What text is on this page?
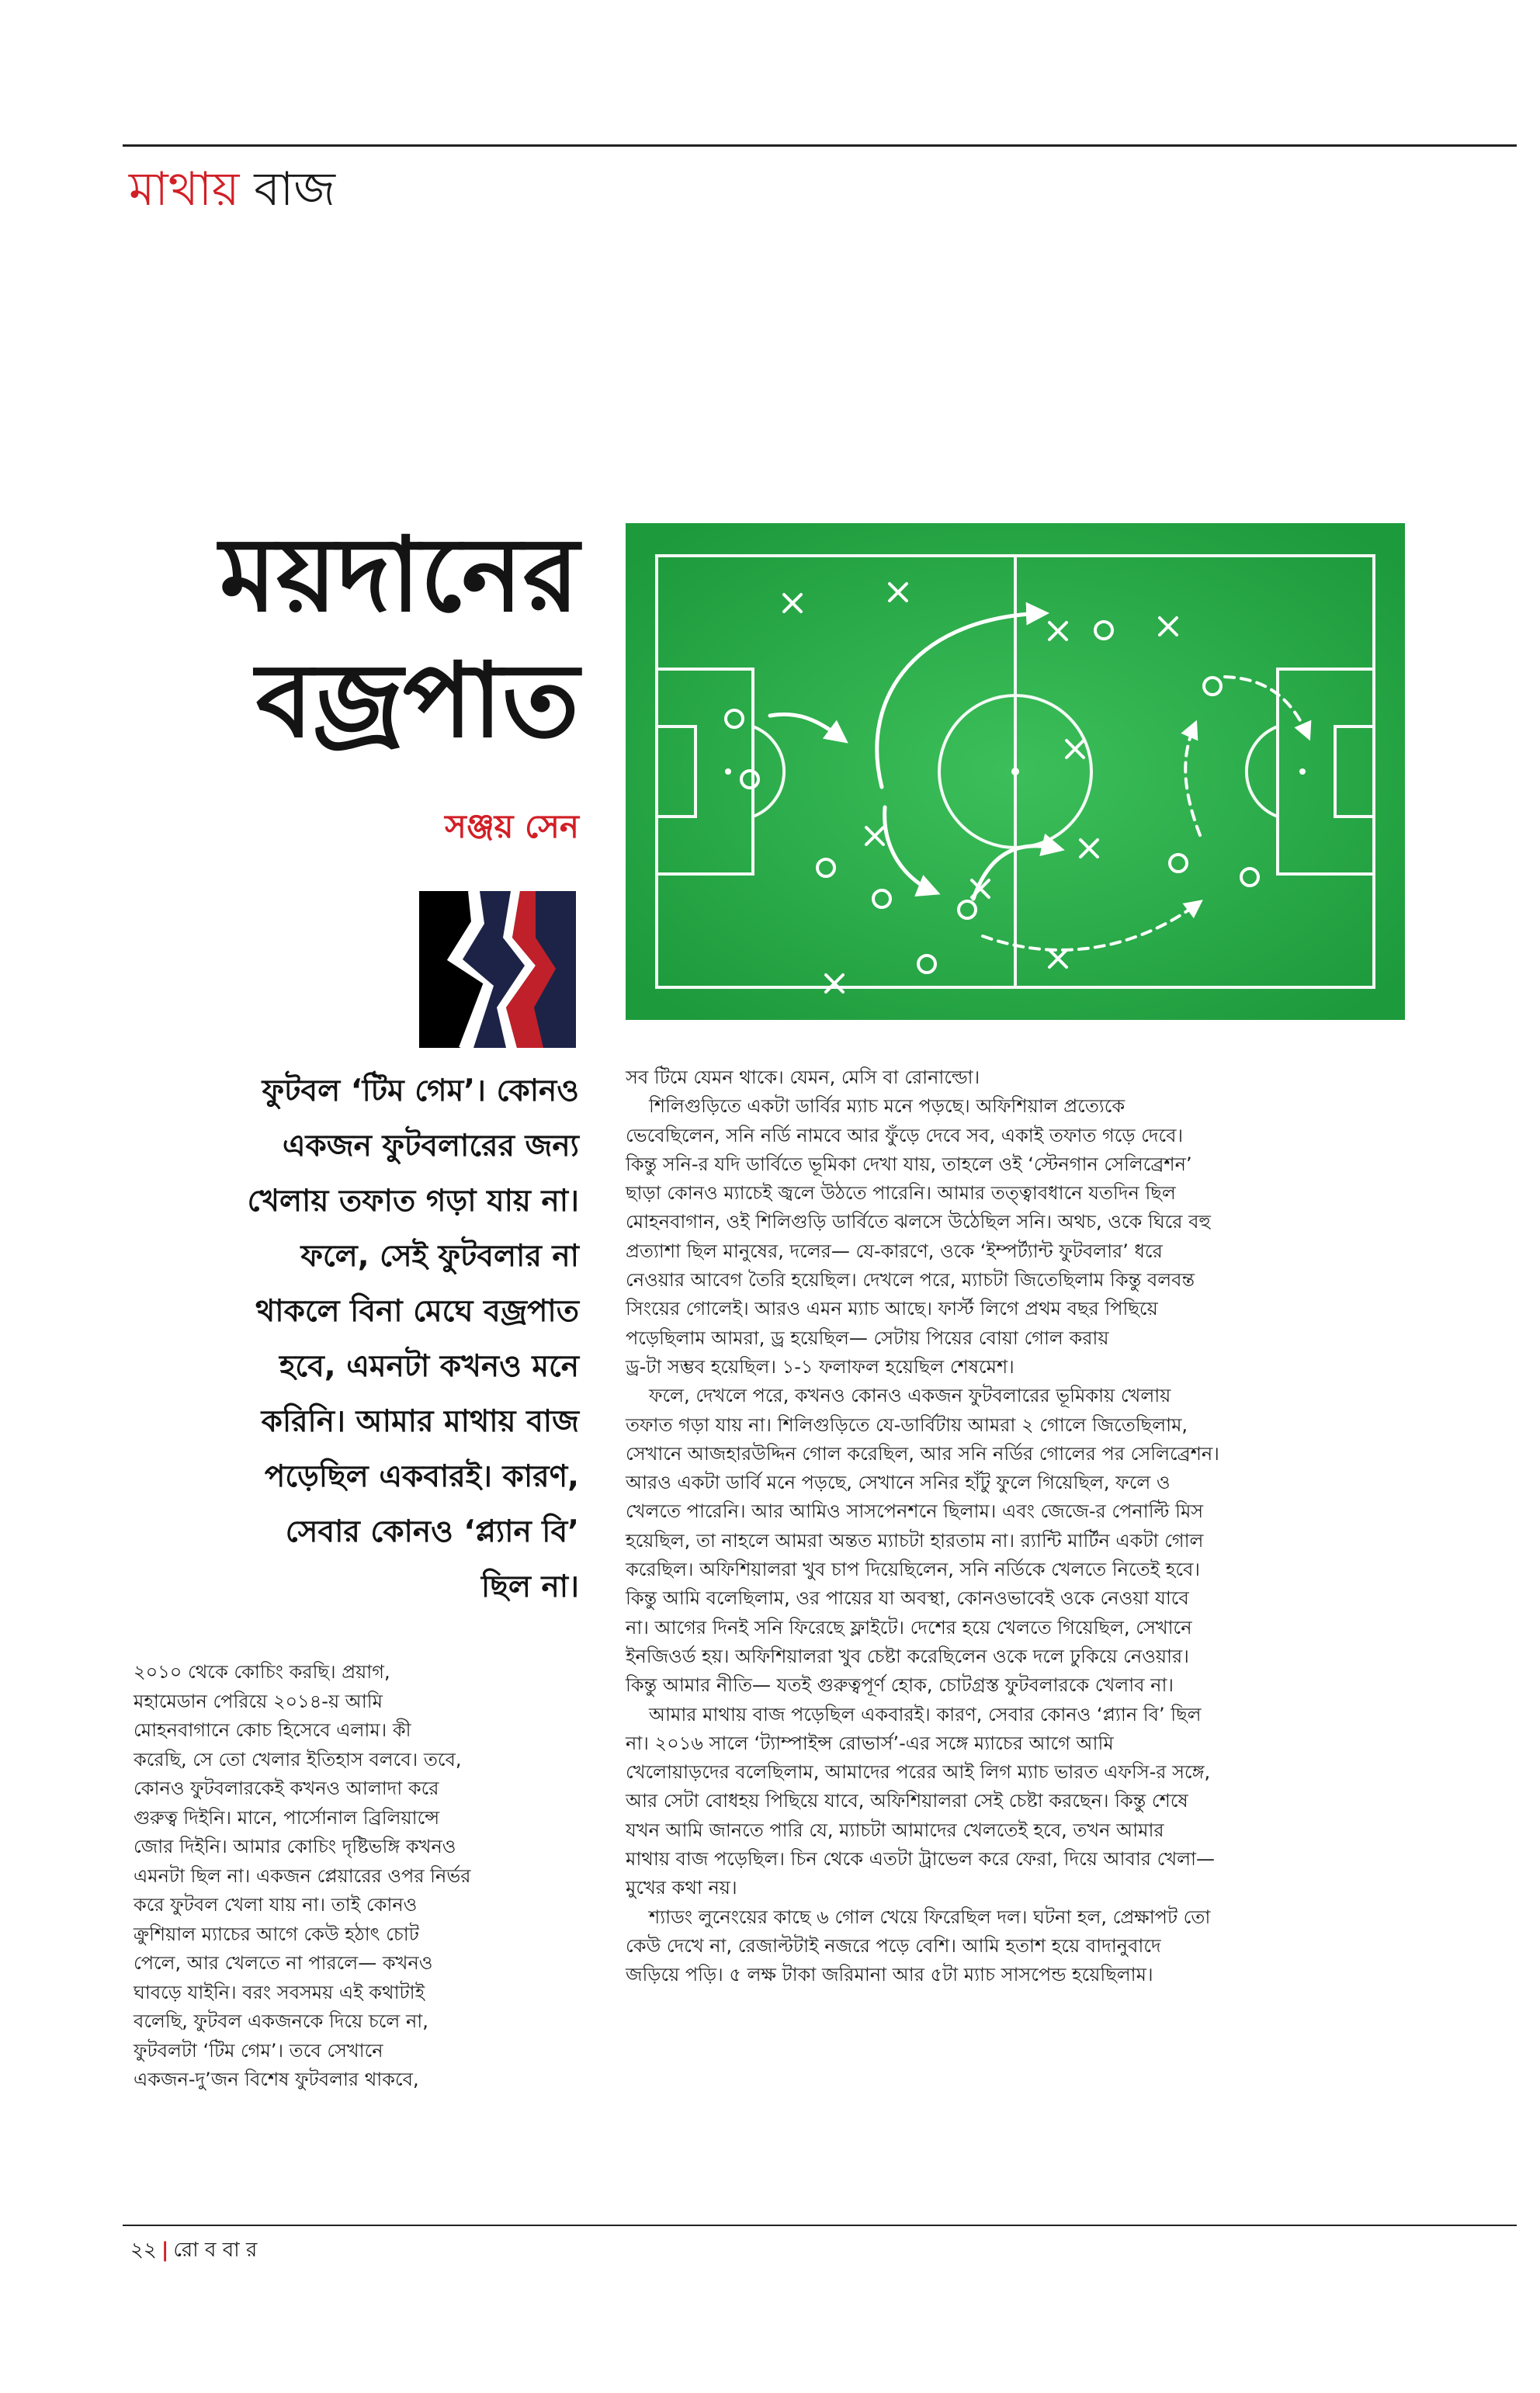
মাথায় বাজ
ময়দানের
বজ্রপাত
সঞ্জয় সেন

ফুটবল ‘টিম গেম’। কোনও

একজন ফুটবলারের জন্য

খেলায় তফাত গড়া যায় না।

ফলে, সেই ফুটবলার না

থাকলে বিনা মেঘে বজ্রপাত

হবে, এমনটা কখনও মনে

করিনি। আমার মাথায় বাজ

পড়েছিল একবারই। কারণ,

সেবার কোনও ‘প্ল্যান বি’

ছিল না।

২০১০ থেকে কোচিং করছি। প্রয়াগ,

মহামেডান পেরিয়ে ২০১৪-য় আমি

মোহনবাগানে কোচ হিসেবে এলাম। কী

করেছি, সে তো খেলার ইতিহাস বলবে। তবে,

কোনও ফুটবলারকেই কখনও আলাদা করে

গুরুত্ব দিইনি। মানে, পার্সোনাল ব্রিলিয়ান্সে

জোর দিইনি। আমার কোচিং দৃষ্টিভঙ্গি কখনও

এমনটা ছিল না। একজন প্লেয়ারের ওপর নির্ভর

করে ফুটবল খেলা যায় না। তাই কোনও

ক্রুশিয়াল ম্যাচের আগে কেউ হঠাৎ চোট

পেলে, আর খেলতে না পারলে— কখনও

ঘাবড়ে যাইনি। বরং সবসময় এই কথাটাই

বলেছি, ফুটবল একজনকে দিয়ে চলে না,

ফুটবলটা ‘টিম গেম’। তবে সেখানে

একজন-দু’জন বিশেষ ফুটবলার থাকবে,

সব টিমে যেমন থাকে। যেমন, মেসি বা রোনাল্ডো।

শিলিগুড়িতে একটা ডার্বির ম্যাচ মনে পড়ছে। অফিশিয়াল প্রত্যেকে

ভেবেছিলেন, সনি নর্ডি নামবে আর ফুঁড়ে দেবে সব, একাই তফাত গড়ে দেবে।

কিন্তু সনি-র যদি ডার্বিতে ভূমিকা দেখা যায়, তাহলে ওই ‘স্টেনগান সেলিব্রেশন’

ছাড়া কোনও ম্যাচেই জ্বলে উঠতে পারেনি। আমার তত্ত্বাবধানে যতদিন ছিল

মোহনবাগান, ওই শিলিগুড়ি ডার্বিতে ঝলসে উঠেছিল সনি। অথচ, ওকে ঘিরে বহু

প্রত্যাশা ছিল মানুষের, দলের— যে-কারণে, ওকে ‘ইম্পর্ট্যান্ট ফুটবলার’ ধরে

নেওয়ার আবেগ তৈরি হয়েছিল। দেখলে পরে, ম্যাচটা জিতেছিলাম কিন্তু বলবন্ত

সিংয়ের গোলেই। আরও এমন ম্যাচ আছে। ফার্স্ট লিগে প্রথম বছর পিছিয়ে

পড়েছিলাম আমরা, ড্র হয়েছিল— সেটায় পিয়ের বোয়া গোল করায়

ড্র-টা সম্ভব হয়েছিল। ১-১ ফলাফল হয়েছিল শেষমেশ।

ফলে, দেখলে পরে, কখনও কোনও একজন ফুটবলারের ভূমিকায় খেলায়

তফাত গড়া যায় না। শিলিগুড়িতে যে-ডার্বিটায় আমরা ২ গোলে জিতেছিলাম,

সেখানে আজহারউদ্দিন গোল করেছিল, আর সনি নর্ডির গোলের পর সেলিব্রেশন।

আরও একটা ডার্বি মনে পড়ছে, সেখানে সনির হাঁটু ফুলে গিয়েছিল, ফলে ও

খেলতে পারেনি। আর আমিও সাসপেনশনে ছিলাম। এবং জেজে-র পেনাল্টি মিস

হয়েছিল, তা নাহলে আমরা অন্তত ম্যাচটা হারতাম না। র‍্যান্টি মার্টিন একটা গোল

করেছিল। অফিশিয়ালরা খুব চাপ দিয়েছিলেন, সনি নর্ডিকে খেলতে নিতেই হবে।

কিন্তু আমি বলেছিলাম, ওর পায়ের যা অবস্থা, কোনওভাবেই ওকে নেওয়া যাবে

না। আগের দিনই সনি ফিরেছে ফ্লাইটে। দেশের হয়ে খেলতে গিয়েছিল, সেখানে

ইনজিওর্ড হয়। অফিশিয়ালরা খুব চেষ্টা করেছিলেন ওকে দলে ঢুকিয়ে নেওয়ার।

কিন্তু আমার নীতি— যতই গুরুত্বপূর্ণ হোক, চোটগ্রস্ত ফুটবলারকে খেলাব না।

আমার মাথায় বাজ পড়েছিল একবারই। কারণ, সেবার কোনও ‘প্ল্যান বি’ ছিল

না। ২০১৬ সালে ‘ট্যাম্পাইন্স রোভার্স’-এর সঙ্গে ম্যাচের আগে আমি

খেলোয়াড়দের বলেছিলাম, আমাদের পরের আই লিগ ম্যাচ ভারত এফসি-র সঙ্গে,

আর সেটা বোধহয় পিছিয়ে যাবে, অফিশিয়ালরা সেই চেষ্টা করছেন। কিন্তু শেষে

যখন আমি জানতে পারি যে, ম্যাচটা আমাদের খেলতেই হবে, তখন আমার

মাথায় বাজ পড়েছিল। চিন থেকে এতটা ট্রাভেল করে ফেরা, দিয়ে আবার খেলা—

মুখের কথা নয়।

শ্যাডং লুনেংয়ের কাছে ৬ গোল খেয়ে ফিরেছিল দল। ঘটনা হল, প্রেক্ষাপট তো

কেউ দেখে না, রেজাল্টটাই নজরে পড়ে বেশি। আমি হতাশ হয়ে বাদানুবাদে

জড়িয়ে পড়ি। ৫ লক্ষ টাকা জরিমানা আর ৫টা ম্যাচ সাসপেন্ড হয়েছিলাম।

২২ | রো ব বা র
